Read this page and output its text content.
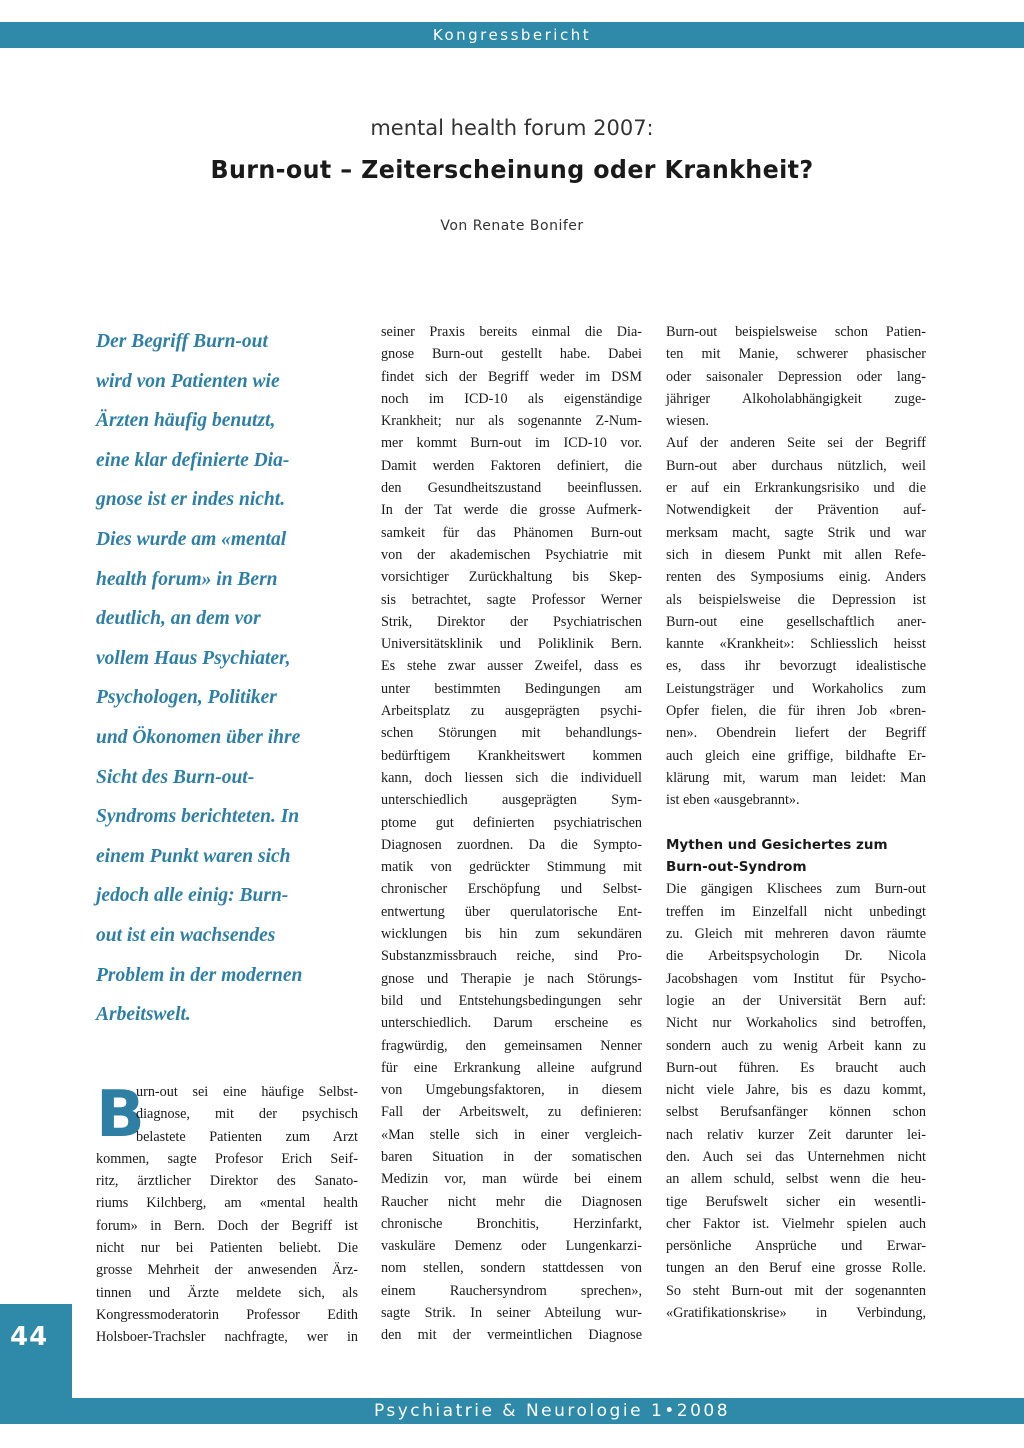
Kongressbericht
mental health forum 2007:
Burn-out – Zeiterscheinung oder Krankheit?
Von Renate Bonifer
Der Begriff Burn-out
wird von Patienten wie
Ärzten häufig benutzt,
eine klar definierte Dia-
gnose ist er indes nicht.
Dies wurde am «mental
health forum» in Bern
deutlich, an dem vor
vollem Haus Psychiater,
Psychologen, Politiker
und Ökonomen über ihre
Sicht des Burn-out-
Syndroms berichteten. In
einem Punkt waren sich
jedoch alle einig: Burn-
out ist ein wachsendes
Problem in der modernen
Arbeitswelt.
B
urn-out sei eine häufige Selbst-
diagnose, mit der psychisch
belastete Patienten zum Arzt
kommen, sagte Profesor Erich Seif-
ritz, ärztlicher Direktor des Sanato-
riums Kilchberg, am «mental health
forum» in Bern. Doch der Begriff ist
nicht nur bei Patienten beliebt. Die
grosse Mehrheit der anwesenden Ärz-
tinnen und Ärzte meldete sich, als
Kongressmoderatorin Professor Edith
Holsboer-Trachsler nachfragte, wer in
seiner Praxis bereits einmal die Dia-
gnose Burn-out gestellt habe. Dabei
findet sich der Begriff weder im DSM
noch im ICD-10 als eigenständige
Krankheit; nur als sogenannte Z-Num-
mer kommt Burn-out im ICD-10 vor.
Damit werden Faktoren definiert, die
den Gesundheitszustand beeinflussen.
In der Tat werde die grosse Aufmerk-
samkeit für das Phänomen Burn-out
von der akademischen Psychiatrie mit
vorsichtiger Zurückhaltung bis Skep-
sis betrachtet, sagte Professor Werner
Strik, Direktor der Psychiatrischen
Universitätsklinik und Poliklinik Bern.
Es stehe zwar ausser Zweifel, dass es
unter bestimmten Bedingungen am
Arbeitsplatz zu ausgeprägten psychi-
schen Störungen mit behandlungs-
bedürftigem Krankheitswert kommen
kann, doch liessen sich die individuell
unterschiedlich ausgeprägten Sym-
ptome gut definierten psychiatrischen
Diagnosen zuordnen. Da die Sympto-
matik von gedrückter Stimmung mit
chronischer Erschöpfung und Selbst-
entwertung über querulatorische Ent-
wicklungen bis hin zum sekundären
Substanzmissbrauch reiche, sind Pro-
gnose und Therapie je nach Störungs-
bild und Entstehungsbedingungen sehr
unterschiedlich. Darum erscheine es
fragwürdig, den gemeinsamen Nenner
für eine Erkrankung alleine aufgrund
von Umgebungsfaktoren, in diesem
Fall der Arbeitswelt, zu definieren:
«Man stelle sich in einer vergleich-
baren Situation in der somatischen
Medizin vor, man würde bei einem
Raucher nicht mehr die Diagnosen
chronische Bronchitis, Herzinfarkt,
vaskuläre Demenz oder Lungenkarzi-
nom stellen, sondern stattdessen von
einem Rauchersyndrom sprechen»,
sagte Strik. In seiner Abteilung wur-
den mit der vermeintlichen Diagnose
Burn-out beispielsweise schon Patien-
ten mit Manie, schwerer phasischer
oder saisonaler Depression oder lang-
jähriger Alkoholabhängigkeit zuge-
wiesen.
Auf der anderen Seite sei der Begriff
Burn-out aber durchaus nützlich, weil
er auf ein Erkrankungsrisiko und die
Notwendigkeit der Prävention auf-
merksam macht, sagte Strik und war
sich in diesem Punkt mit allen Refe-
renten des Symposiums einig. Anders
als beispielsweise die Depression ist
Burn-out eine gesellschaftlich aner-
kannte «Krankheit»: Schliesslich heisst
es, dass ihr bevorzugt idealistische
Leistungsträger und Workaholics zum
Opfer fielen, die für ihren Job «bren-
nen». Obendrein liefert der Begriff
auch gleich eine griffige, bildhafte Er-
klärung mit, warum man leidet: Man
ist eben «ausgebrannt».
Mythen und Gesichertes zum
Burn-out-Syndrom
Die gängigen Klischees zum Burn-out
treffen im Einzelfall nicht unbedingt
zu. Gleich mit mehreren davon räumte
die Arbeitspsychologin Dr. Nicola
Jacobshagen vom Institut für Psycho-
logie an der Universität Bern auf:
Nicht nur Workaholics sind betroffen,
sondern auch zu wenig Arbeit kann zu
Burn-out führen. Es braucht auch
nicht viele Jahre, bis es dazu kommt,
selbst Berufsanfänger können schon
nach relativ kurzer Zeit darunter lei-
den. Auch sei das Unternehmen nicht
an allem schuld, selbst wenn die heu-
tige Berufswelt sicher ein wesentli-
cher Faktor ist. Vielmehr spielen auch
persönliche Ansprüche und Erwar-
tungen an den Beruf eine grosse Rolle.
So steht Burn-out mit der sogenannten
«Gratifikationskrise» in Verbindung,
44
Psychiatrie & Neurologie 1•2008
